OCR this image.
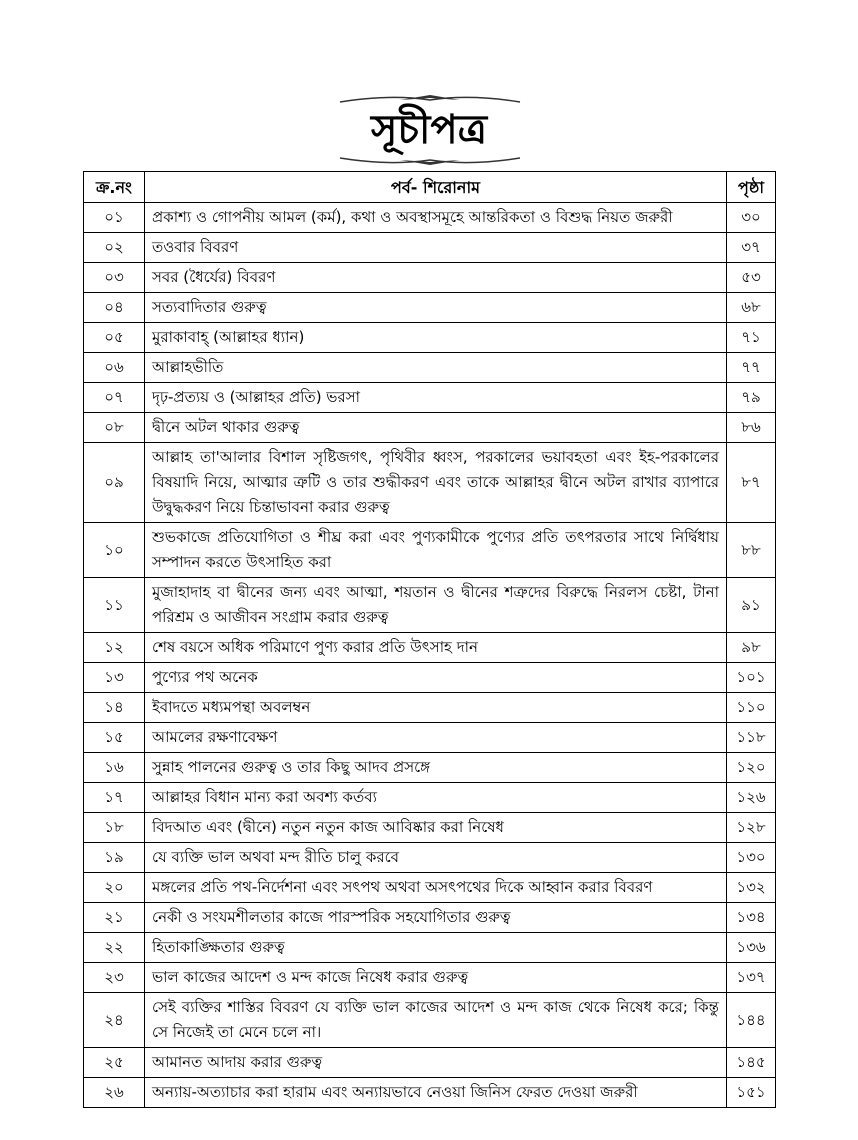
সূচীপত্র
ক্র.নং	পর্ব- শিরোনাম	পৃষ্ঠা
০১	প্রকাশ্য ও গোপনীয় আমল (কর্ম), কথা ও অবস্থাসমূহে আন্তরিকতা ও বিশুদ্ধ নিয়ত জরুরী	৩০
০২	তওবার বিবরণ	৩৭
০৩	সবর (ধৈর্যের) বিবরণ	৫৩
০৪	সত্যবাদিতার গুরুত্ব	৬৮
০৫	মুরাকাবাহ্ (আল্লাহর ধ্যান)	৭১
০৬	আল্লাহভীতি	৭৭
০৭	দৃঢ়-প্রত্যয় ও (আল্লাহর প্রতি) ভরসা	৭৯
০৮	দ্বীনে অটল থাকার গুরুত্ব	৮৬
০৯	আল্লাহ তা'আলার বিশাল সৃষ্টিজগৎ, পৃথিবীর ধ্বংস, পরকালের ভয়াবহতা এবং ইহ-পরকালের বিষয়াদি নিয়ে, আত্মার ত্রুটি ও তার শুদ্ধীকরণ এবং তাকে আল্লাহর দ্বীনে অটল রাখার ব্যাপারে উদ্বুদ্ধকরণ নিয়ে চিন্তাভাবনা করার গুরুত্ব	৮৭
১০	শুভকাজে প্রতিযোগিতা ও শীঘ্র করা এবং পুণ্যকামীকে পুণ্যের প্রতি তৎপরতার সাথে নির্দ্বিধায় সম্পাদন করতে উৎসাহিত করা	৮৮
১১	মুজাহাদাহ বা দ্বীনের জন্য এবং আত্মা, শয়তান ও দ্বীনের শত্রুদের বিরুদ্ধে নিরলস চেষ্টা, টানা পরিশ্রম ও আজীবন সংগ্রাম করার গুরুত্ব	৯১
১২	শেষ বয়সে অধিক পরিমাণে পুণ্য করার প্রতি উৎসাহ দান	৯৮
১৩	পুণ্যের পথ অনেক	১০১
১৪	ইবাদতে মধ্যমপন্থা অবলম্বন	১১০
১৫	আমলের রক্ষণাবেক্ষণ	১১৮
১৬	সুন্নাহ পালনের গুরুত্ব ও তার কিছু আদব প্রসঙ্গে	১২০
১৭	আল্লাহর বিধান মান্য করা অবশ্য কর্তব্য	১২৬
১৮	বিদআত এবং (দ্বীনে) নতুন নতুন কাজ আবিষ্কার করা নিষেধ	১২৮
১৯	যে ব্যক্তি ভাল অথবা মন্দ রীতি চালু করবে	১৩০
২০	মঙ্গলের প্রতি পথ-নির্দেশনা এবং সৎপথ অথবা অসৎপথের দিকে আহ্বান করার বিবরণ	১৩২
২১	নেকী ও সংযমশীলতার কাজে পারস্পরিক সহযোগিতার গুরুত্ব	১৩৪
২২	হিতাকাঙ্ক্ষিতার গুরুত্ব	১৩৬
২৩	ভাল কাজের আদেশ ও মন্দ কাজে নিষেধ করার গুরুত্ব	১৩৭
২৪	সেই ব্যক্তির শাস্তির বিবরণ যে ব্যক্তি ভাল কাজের আদেশ ও মন্দ কাজ থেকে নিষেধ করে; কিন্তু সে নিজেই তা মেনে চলে না।	১৪৪
২৫	আমানত আদায় করার গুরুত্ব	১৪৫
২৬	অন্যায়-অত্যাচার করা হারাম এবং অন্যায়ভাবে নেওয়া জিনিস ফেরত দেওয়া জরুরী	১৫১
